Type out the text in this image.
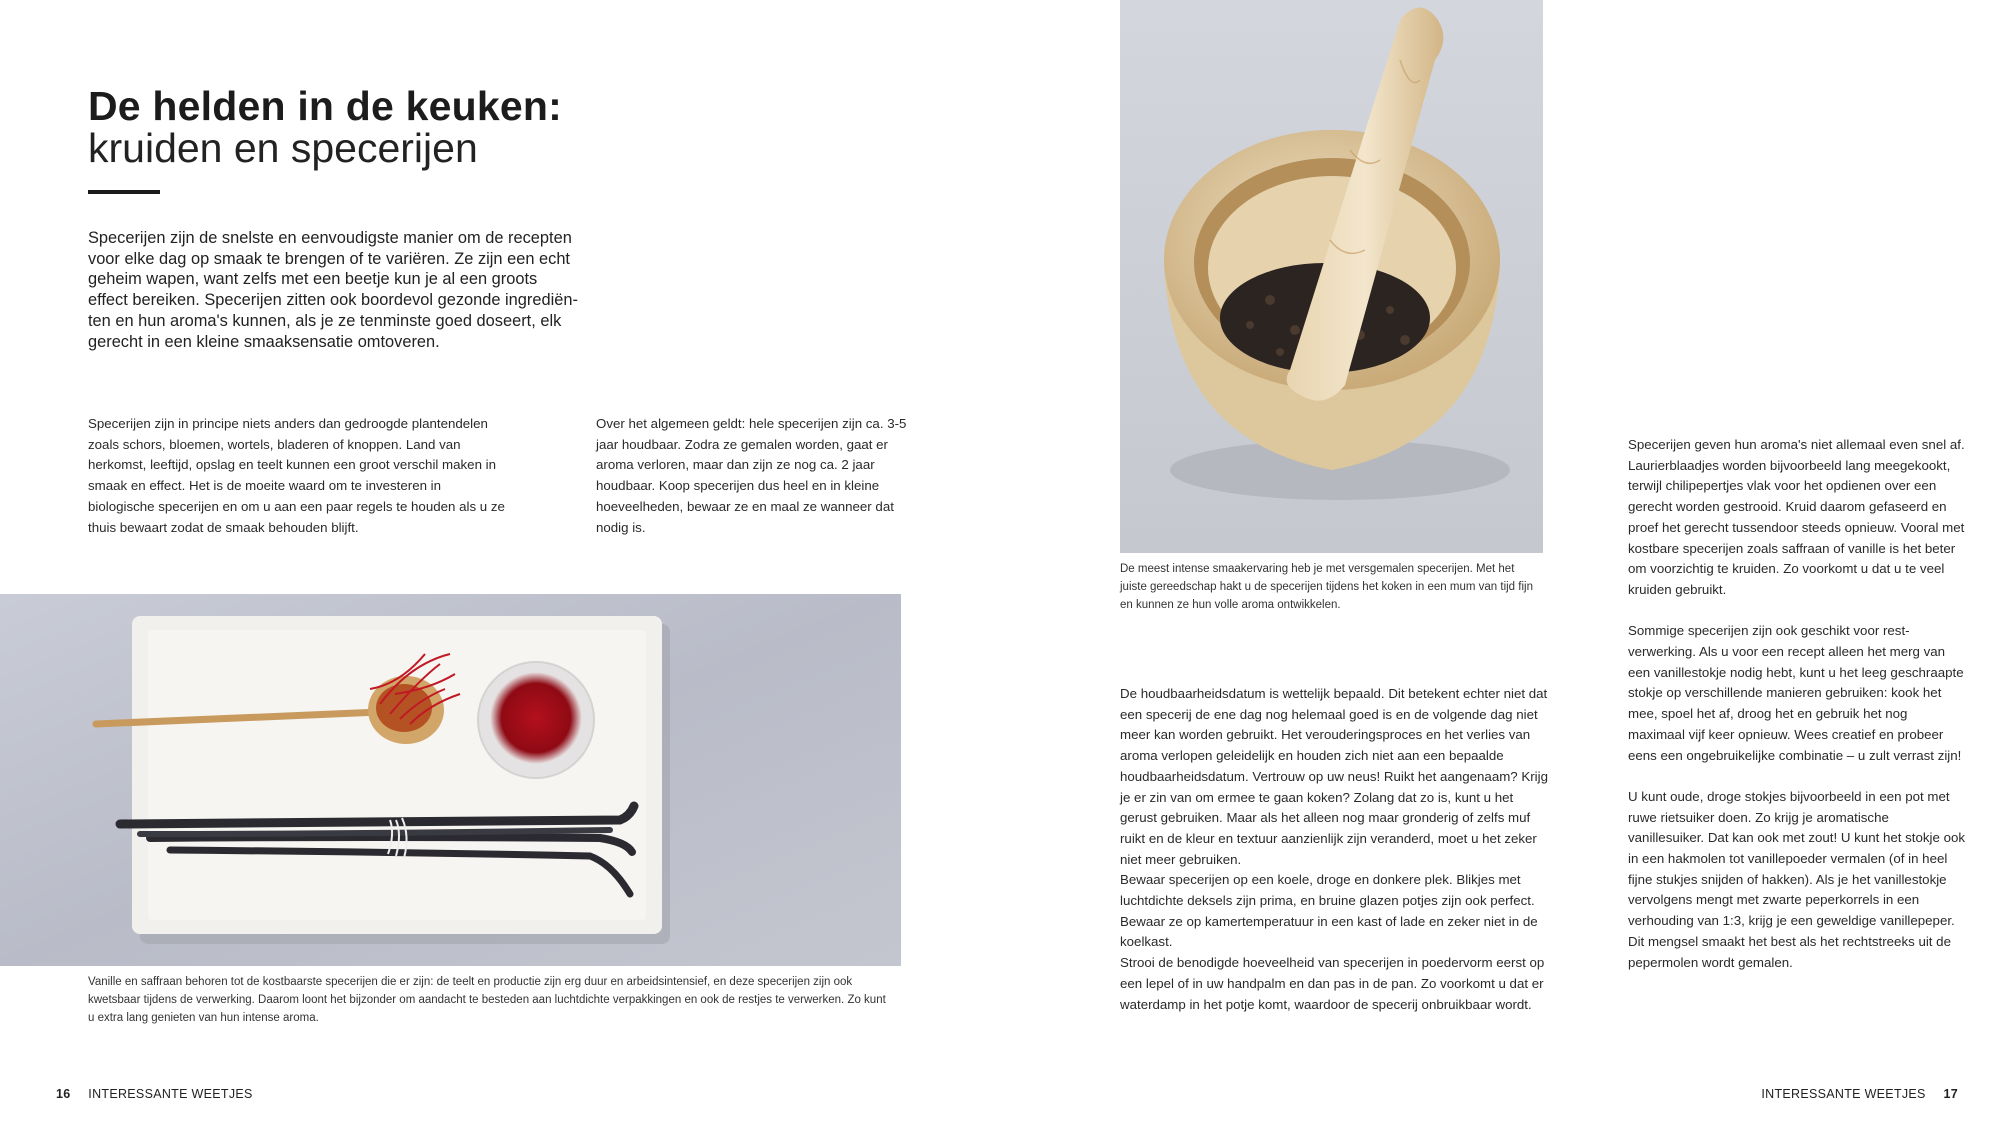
De helden in de keuken:
kruiden en specerijen

Specerijen zijn de snelste en eenvoudigste manier om de recepten voor elke dag op smaak te brengen of te variëren. Ze zijn een echt geheim wapen, want zelfs met een beetje kun je al een groots effect bereiken. Specerijen zitten ook boordevol gezonde ingrediënten en hun aroma's kunnen, als je ze tenminste goed doseert, elk gerecht in een kleine smaaksensatie omtoveren.

Specerijen zijn in principe niets anders dan gedroogde plantendelen zoals schors, bloemen, wortels, bladeren of knoppen. Land van herkomst, leeftijd, opslag en teelt kunnen een groot verschil maken in smaak en effect. Het is de moeite waard om te investeren in biologische specerijen en om u aan een paar regels te houden als u ze thuis bewaart zodat de smaak behouden blijft.

Over het algemeen geldt: hele specerijen zijn ca. 3-5 jaar houdbaar. Zodra ze gemalen worden, gaat er aroma verloren, maar dan zijn ze nog ca. 2 jaar houdbaar. Koop specerijen dus heel en in kleine hoeveelheden, bewaar ze en maal ze wanneer dat nodig is.

Vanille en saffraan behoren tot de kostbaarste specerijen die er zijn: de teelt en productie zijn erg duur en arbeidsintensief, en deze specerijen zijn ook kwetsbaar tijdens de verwerking. Daarom loont het bijzonder om aandacht te besteden aan luchtdichte verpakkingen en ook de restjes te verwerken. Zo kunt u extra lang genieten van hun intense aroma.

De meest intense smaakervaring heb je met versgemalen specerijen. Met het juiste gereedschap hakt u de specerijen tijdens het koken in een mum van tijd fijn en kunnen ze hun volle aroma ontwikkelen.

De houdbaarheidsdatum is wettelijk bepaald. Dit betekent echter niet dat een specerij de ene dag nog helemaal goed is en de volgende dag niet meer kan worden gebruikt. Het verouderingsproces en het verlies van aroma verlopen geleidelijk en houden zich niet aan een bepaalde houdbaarheidsdatum. Vertrouw op uw neus! Ruikt het aangenaam? Krijg je er zin van om ermee te gaan koken? Zolang dat zo is, kunt u het gerust gebruiken. Maar als het alleen nog maar gronderig of zelfs muf ruikt en de kleur en textuur aanzienlijk zijn veranderd, moet u het zeker niet meer gebruiken.

Bewaar specerijen op een koele, droge en donkere plek. Blikjes met luchtdichte deksels zijn prima, en bruine glazen potjes zijn ook perfect. Bewaar ze op kamertemperatuur in een kast of lade en zeker niet in de koelkast.

Strooi de benodigde hoeveelheid van specerijen in poedervorm eerst op een lepel of in uw handpalm en dan pas in de pan. Zo voorkomt u dat er waterdamp in het potje komt, waardoor de specerij onbruikbaar wordt.

Specerijen geven hun aroma's niet allemaal even snel af. Laurierblaadjes worden bijvoorbeeld lang meegekookt, terwijl chilipepertjes vlak voor het opdienen over een gerecht worden gestrooid. Kruid daarom gefaseerd en proef het gerecht tussendoor steeds opnieuw. Vooral met kostbare specerijen zoals saffraan of vanille is het beter om voorzichtig te kruiden. Zo voorkomt u dat u te veel kruiden gebruikt.

Sommige specerijen zijn ook geschikt voor restverwerking. Als u voor een recept alleen het merg van een vanillestokje nodig hebt, kunt u het leeg geschraapte stokje op verschillende manieren gebruiken: kook het mee, spoel het af, droog het en gebruik het nog maximaal vijf keer opnieuw. Wees creatief en probeer eens een ongebruikelijke combinatie – u zult verrast zijn!

U kunt oude, droge stokjes bijvoorbeeld in een pot met ruwe rietsuiker doen. Zo krijg je aromatische vanillesuiker. Dat kan ook met zout! U kunt het stokje ook in een hakmolen tot vanillepoeder vermalen (of in heel fijne stukjes snijden of hakken). Als je het vanillestokje vervolgens mengt met zwarte peperkorrels in een verhouding van 1:3, krijg je een geweldige vanillepeper. Dit mengsel smaakt het best als het rechtstreeks uit de pepermolen wordt gemalen.

16 INTERESSANTE WEETJES	INTERESSANTE WEETJES 17
